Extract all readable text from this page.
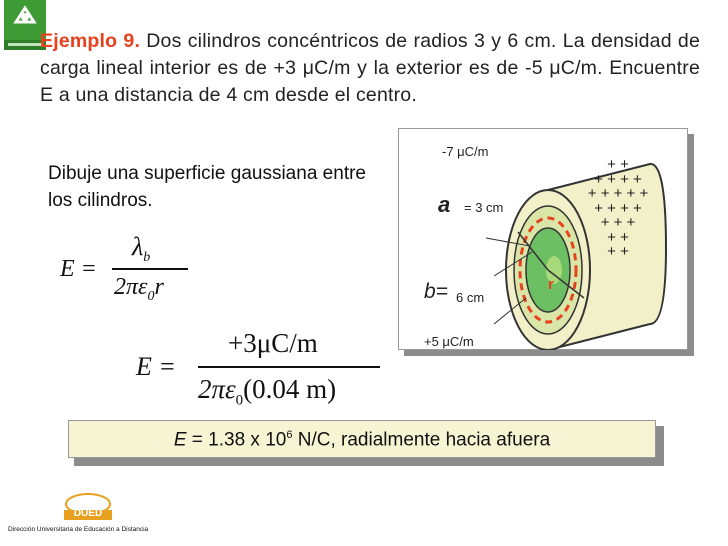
Ejemplo 9. Dos cilindros concéntricos de radios 3 y 6 cm. La densidad de carga lineal interior es de +3 μC/m y la exterior es de -5 μC/m. Encuentre E a una distancia de 4 cm desde el centro.
Dibuje una superficie gaussiana entre los cilindros.
E =
$\lambda_b$
$2\pi\varepsilon_0r$
E =
+3μC/m
$2\pi\varepsilon_0(0.04$ m)
-7 μC/m
a = 3 cm
b= 6 cm
r
+5 μC/m
+ +
+ + + +
+ + + + +
+ + + +
+ + +
+ +
+ +
E = 1.38 x $10^6$ N/C, radialmente hacia afuera
DUED
Dirección Universitaria de Educación a Distancia
